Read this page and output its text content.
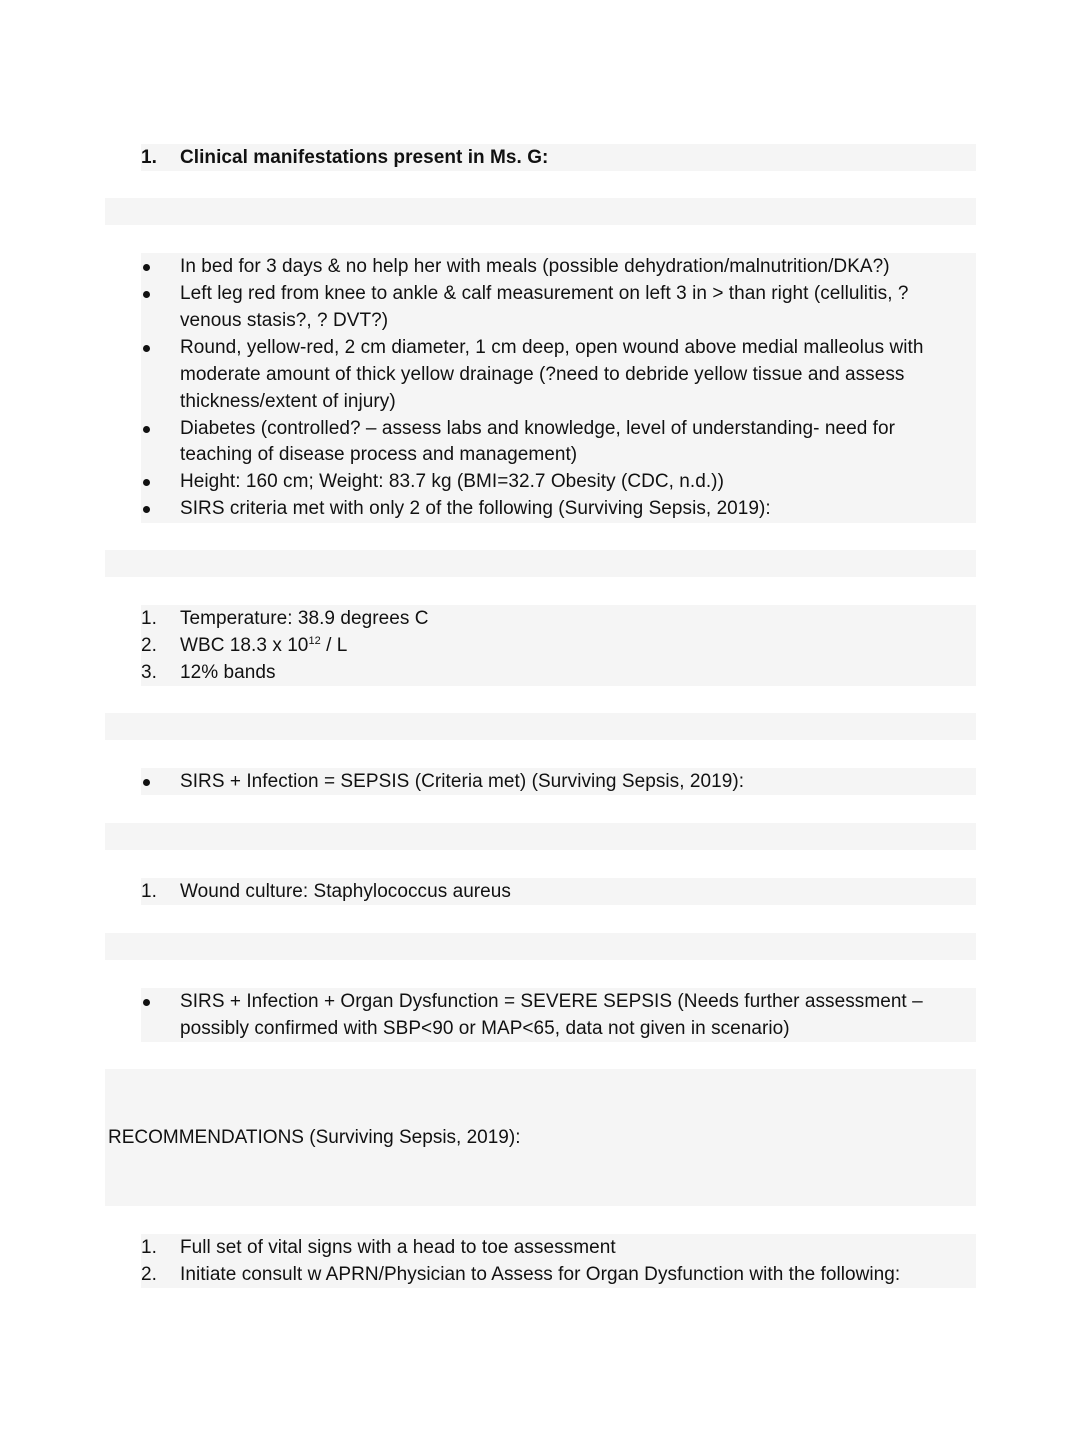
1.	Clinical manifestations present in Ms. G:
In bed for 3 days & no help her with meals (possible dehydration/malnutrition/DKA?)
Left leg red from knee to ankle & calf measurement on left 3 in > than right (cellulitis, ?
venous stasis?, ? DVT?)
Round, yellow-red, 2 cm diameter, 1 cm deep, open wound above medial malleolus with
moderate amount of thick yellow drainage (?need to debride yellow tissue and assess
thickness/extent of injury)
Diabetes (controlled? – assess labs and knowledge, level of understanding- need for
teaching of disease process and management)
Height: 160 cm; Weight: 83.7 kg (BMI=32.7 Obesity (CDC, n.d.))
SIRS criteria met with only 2 of the following (Surviving Sepsis, 2019):
1.	Temperature: 38.9 degrees C
2.	WBC 18.3 x $10^{12}$ / L
3.	12% bands
SIRS + Infection = SEPSIS (Criteria met) (Surviving Sepsis, 2019):
1.	Wound culture: Staphylococcus aureus
SIRS + Infection + Organ Dysfunction = SEVERE SEPSIS (Needs further assessment –
possibly confirmed with SBP<90 or MAP<65, data not given in scenario)
RECOMMENDATIONS (Surviving Sepsis, 2019):
1.	Full set of vital signs with a head to toe assessment
2.	Initiate consult w APRN/Physician to Assess for Organ Dysfunction with the following:
